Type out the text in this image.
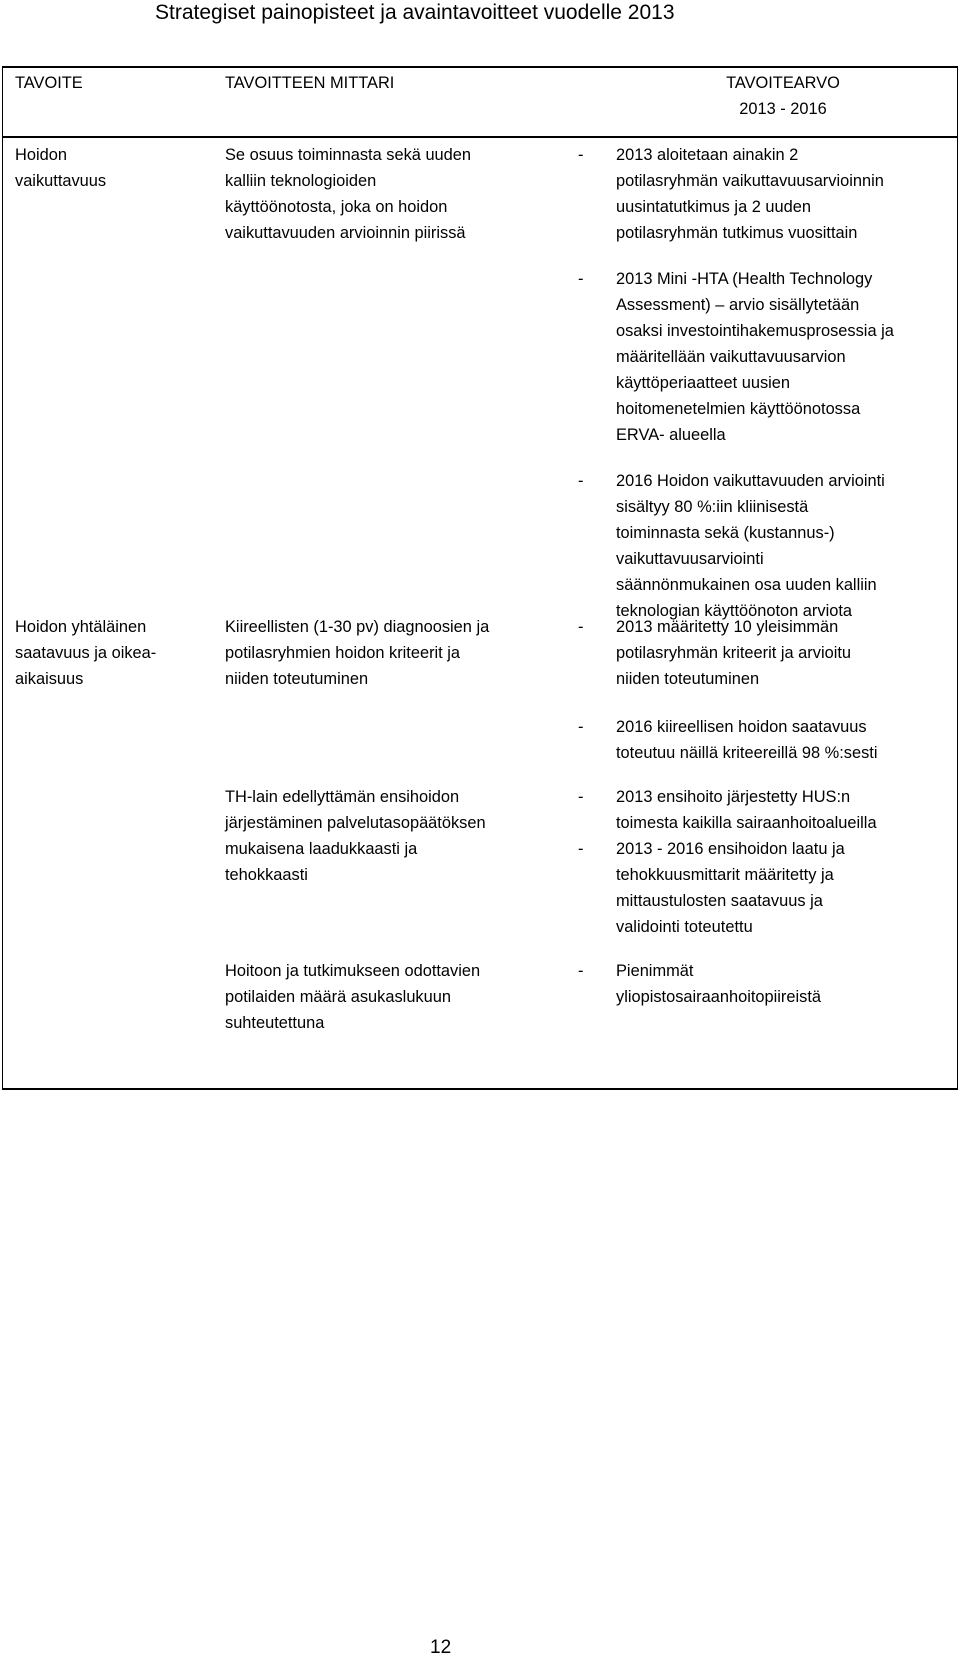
Strategiset painopisteet ja avaintavoitteet vuodelle 2013
TAVOITE	TAVOITTEEN MITTARI	TAVOITEARVO
2013 - 2016
Hoidon
vaikuttavuus
Se osuus toiminnasta sekä uuden
kalliin teknologioiden
käyttöönotosta, joka on hoidon
vaikuttavuuden arvioinnin piirissä
- 2013 aloitetaan ainakin 2
potilasryhmän vaikuttavuusarvioinnin
uusintatutkimus ja 2 uuden
potilasryhmän tutkimus vuosittain
- 2013 Mini -HTA (Health Technology
Assessment) – arvio sisällytetään
osaksi investointihakemusprosessia ja
määritellään vaikuttavuusarvion
käyttöperiaatteet uusien
hoitomenetelmien käyttöönotossa
ERVA- alueella
- 2016 Hoidon vaikuttavuuden arviointi
sisältyy 80 %:iin kliinisestä
toiminnasta sekä (kustannus-)
vaikuttavuusarviointi
säännönmukainen osa uuden kalliin
teknologian käyttöönoton arviota
Hoidon yhtäläinen
saatavuus ja oikea-
aikaisuus
Kiireellisten (1-30 pv) diagnoosien ja
potilasryhmien hoidon kriteerit ja
niiden toteutuminen
TH-lain edellyttämän ensihoidon
järjestäminen palvelutasopäätöksen
mukaisena laadukkaasti ja
tehokkaasti
Hoitoon ja tutkimukseen odottavien
potilaiden määrä asukaslukuun
suhteutettuna
- 2013 määritetty 10 yleisimmän
potilasryhmän kriteerit ja arvioitu
niiden toteutuminen
- 2016 kiireellisen hoidon saatavuus
toteutuu näillä kriteereillä 98 %:sesti
- 2013 ensihoito järjestetty HUS:n
toimesta kaikilla sairaanhoitoalueilla
- 2013 - 2016 ensihoidon laatu ja
tehokkuusmittarit määritetty ja
mittaustulosten saatavuus ja
validointi toteutettu
- Pienimmät
yliopistosairaanhoitopiireistä
12
